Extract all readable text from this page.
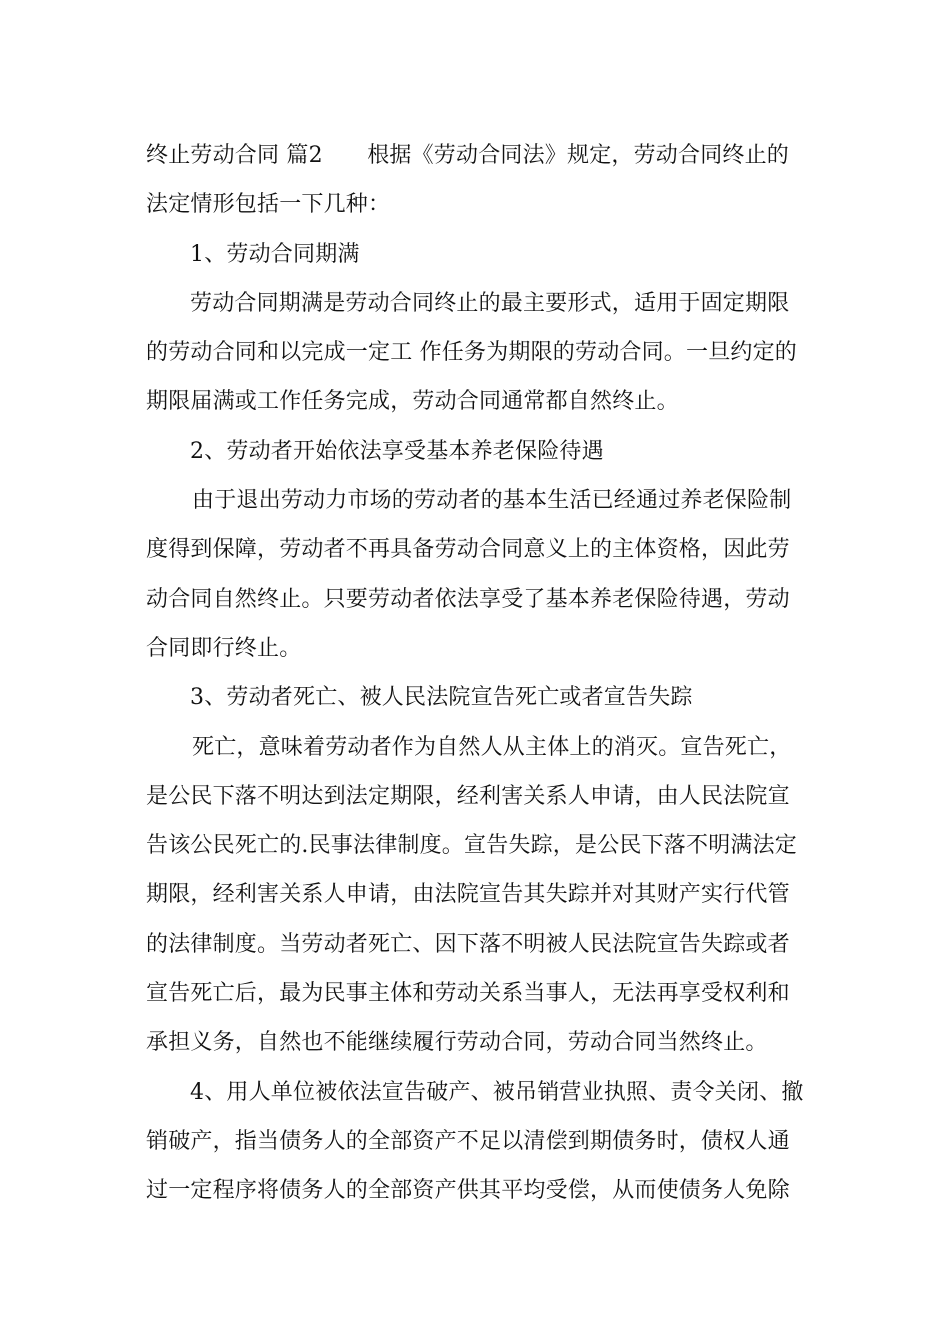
终止劳动合同 篇2　　根据《劳动合同法》规定，劳动合同终止的法定情形包括一下几种：

1、劳动合同期满

劳动合同期满是劳动合同终止的最主要形式，适用于固定期限的劳动合同和以完成一定工 作任务为期限的劳动合同。一旦约定的期限届满或工作任务完成，劳动合同通常都自然终止。

2、劳动者开始依法享受基本养老保险待遇

由于退出劳动力市场的劳动者的基本生活已经通过养老保险制度得到保障，劳动者不再具备劳动合同意义上的主体资格，因此劳动合同自然终止。只要劳动者依法享受了基本养老保险待遇，劳动合同即行终止。

3、劳动者死亡、被人民法院宣告死亡或者宣告失踪

死亡，意味着劳动者作为自然人从主体上的消灭。宣告死亡，是公民下落不明达到法定期限，经利害关系人申请，由人民法院宣告该公民死亡的.民事法律制度。宣告失踪，是公民下落不明满法定期限，经利害关系人申请，由法院宣告其失踪并对其财产实行代管的法律制度。当劳动者死亡、因下落不明被人民法院宣告失踪或者宣告死亡后，最为民事主体和劳动关系当事人，无法再享受权利和承担义务，自然也不能继续履行劳动合同，劳动合同当然终止。

4、用人单位被依法宣告破产、被吊销营业执照、责令关闭、撤销破产，指当债务人的全部资产不足以清偿到期债务时，债权人通过一定程序将债务人的全部资产供其平均受偿，从而使债务人免除
